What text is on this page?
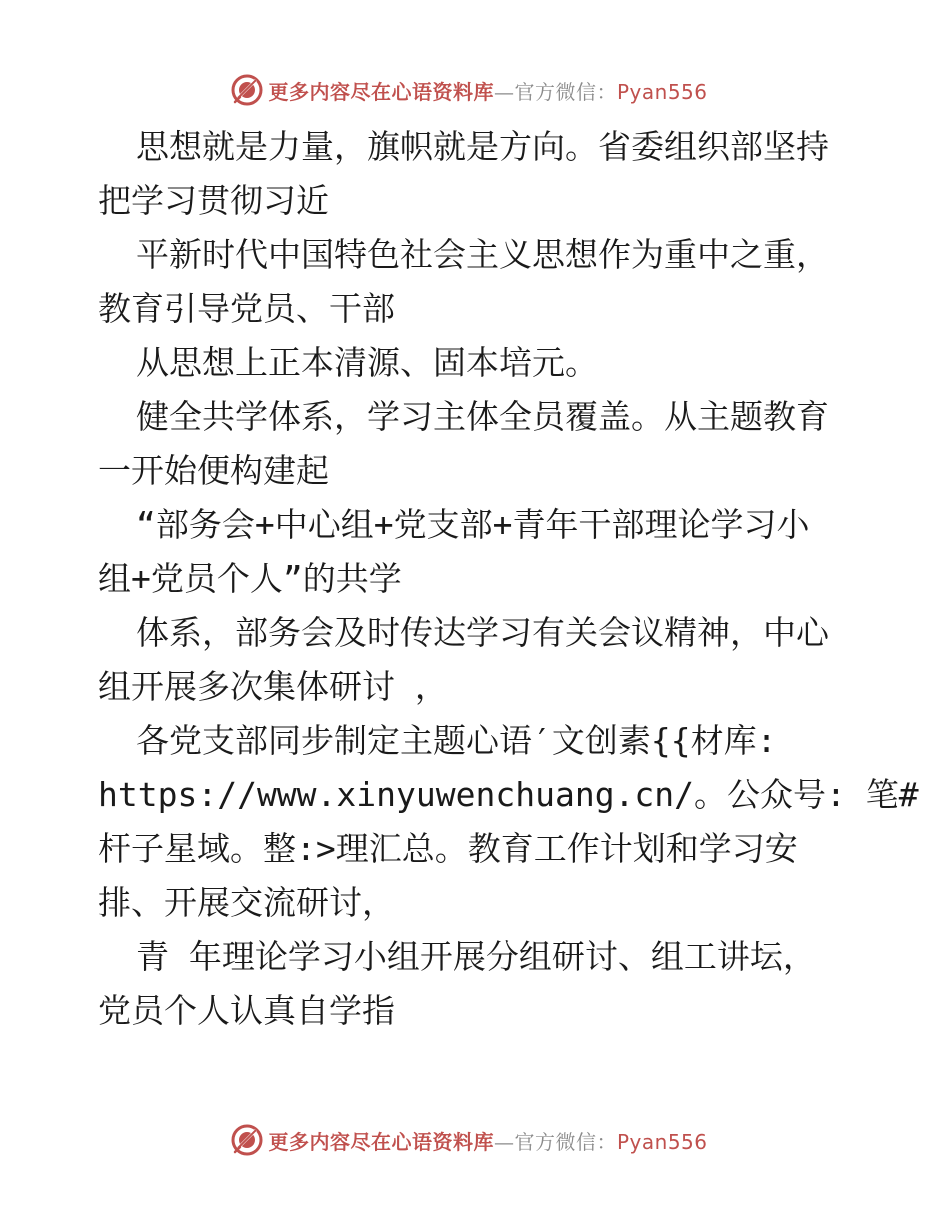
更多内容尽在心语资料库—官方微信：Pyan556

思想就是力量，旗帜就是方向。省委组织部坚持

把学习贯彻习近

平新时代中国特色社会主义思想作为重中之重，

教育引导党员、干部

从思想上正本清源、固本培元。

健全共学体系，学习主体全员覆盖。从主题教育

一开始便构建起

“部务会+中心组+党支部+青年干部理论学习小

组+党员个人”的共学

体系，部务会及时传达学习有关会议精神，中心

组开展多次集体研讨 ，

各党支部同步制定主题心语′文创素{{材库:

https://www.xinyuwenchuang.cn/。公众号: 笔#

杆子星域。整:>理汇总。教育工作计划和学习安

排、开展交流研讨，

青 年理论学习小组开展分组研讨、组工讲坛，

党员个人认真自学指

更多内容尽在心语资料库—官方微信：Pyan556
